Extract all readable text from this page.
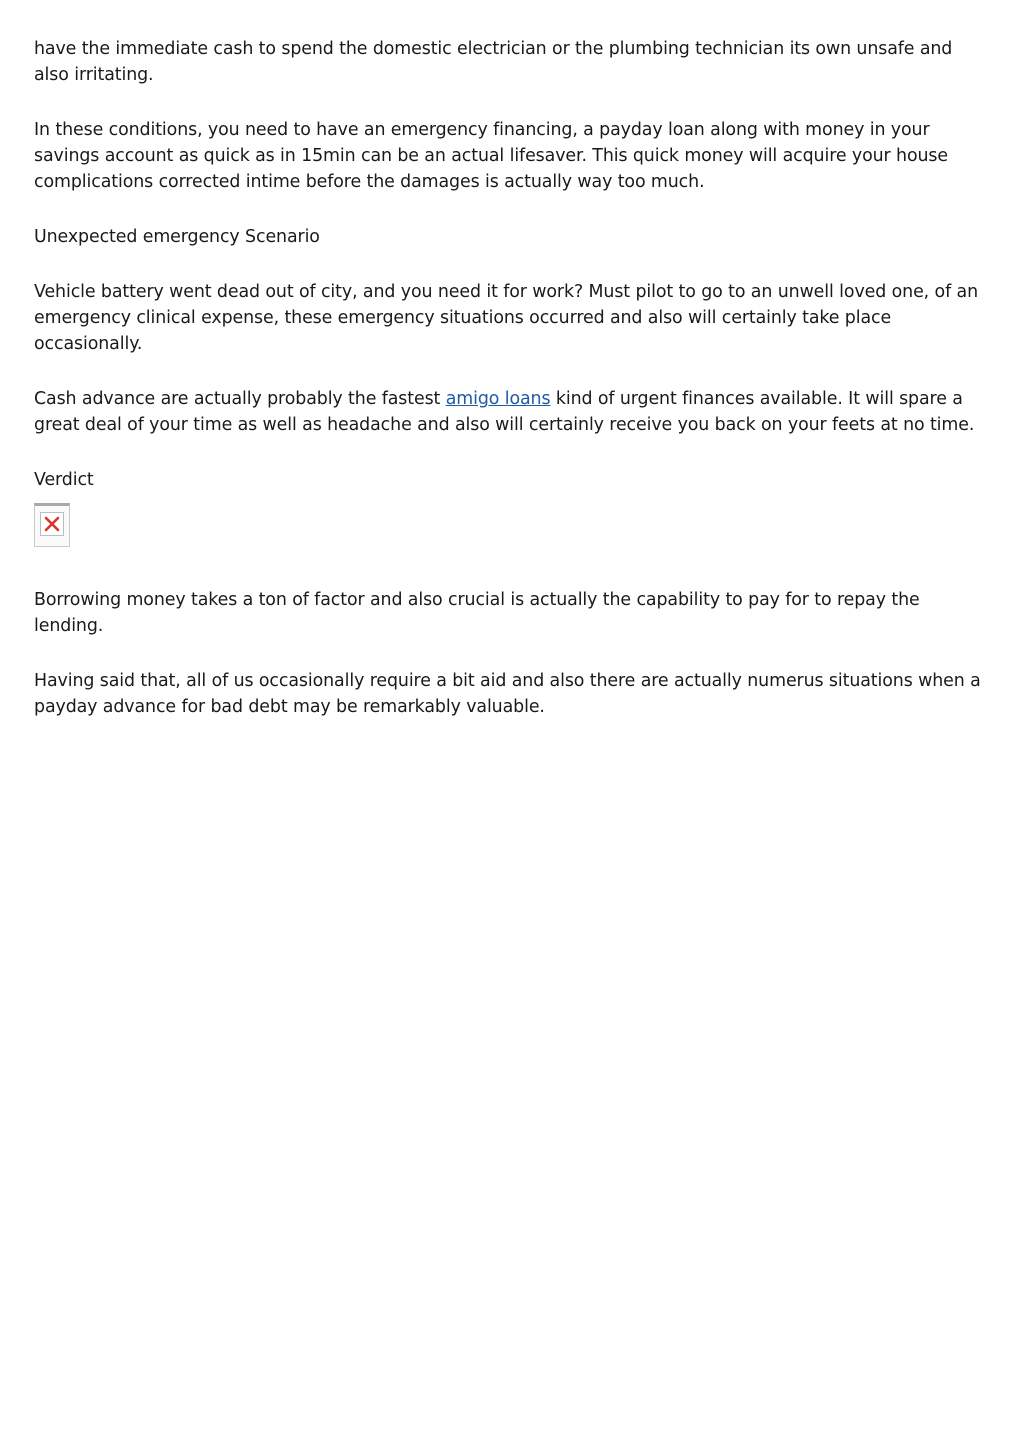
have the immediate cash to spend the domestic electrician or the plumbing technician its own unsafe and also irritating.

In these conditions, you need to have an emergency financing, a payday loan along with money in your savings account as quick as in 15min can be an actual lifesaver. This quick money will acquire your house complications corrected intime before the damages is actually way too much.

Unexpected emergency Scenario

Vehicle battery went dead out of city, and you need it for work? Must pilot to go to an unwell loved one, of an emergency clinical expense, these emergency situations occurred and also will certainly take place occasionally.

Cash advance are actually probably the fastest amigo loans kind of urgent finances available. It will spare a great deal of your time as well as headache and also will certainly receive you back on your feets at no time.

Verdict

Borrowing money takes a ton of factor and also crucial is actually the capability to pay for to repay the lending.

Having said that, all of us occasionally require a bit aid and also there are actually numerus situations when a payday advance for bad debt may be remarkably valuable.
